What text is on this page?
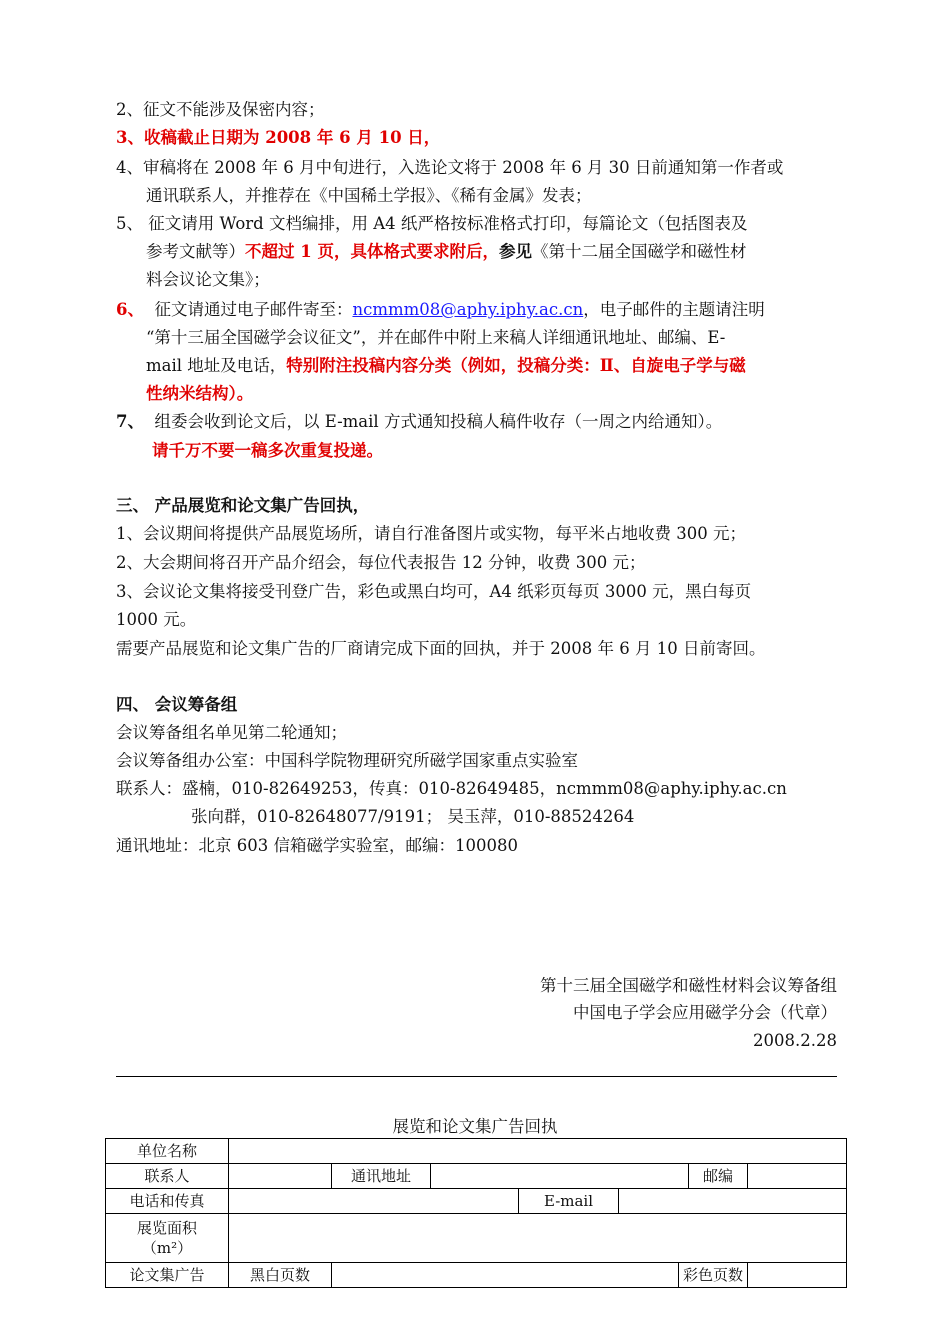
2、征文不能涉及保密内容；
3、收稿截止日期为 2008 年 6 月 10 日，
4、审稿将在 2008 年 6 月中旬进行，入选论文将于 2008 年 6 月 30 日前通知第一作者或
通讯联系人，并推荐在《中国稀土学报》、《稀有金属》发表；
5、 征文请用 Word 文档编排，用 A4 纸严格按标准格式打印，每篇论文（包括图表及
参考文献等）不超过 1 页，具体格式要求附后，参见《第十二届全国磁学和磁性材
料会议论文集》；
6、 征文请通过电子邮件寄至：ncmmm08@aphy.iphy.ac.cn，电子邮件的主题请注明
“第十三届全国磁学会议征文”，并在邮件中附上来稿人详细通讯地址、邮编、E-
mail 地址及电话，特别附注投稿内容分类（例如，投稿分类：Ⅱ、自旋电子学与磁
性纳米结构）。
7、 组委会收到论文后，以 E-mail 方式通知投稿人稿件收存（一周之内给通知）。
请千万不要一稿多次重复投递。
三、 产品展览和论文集广告回执，
1、会议期间将提供产品展览场所，请自行准备图片或实物，每平米占地收费 300 元；
2、大会期间将召开产品介绍会，每位代表报告 12 分钟，收费 300 元；
3、会议论文集将接受刊登广告，彩色或黑白均可，A4 纸彩页每页 3000 元，黑白每页
1000 元。
需要产品展览和论文集广告的厂商请完成下面的回执，并于 2008 年 6 月 10 日前寄回。
四、 会议筹备组
会议筹备组名单见第二轮通知；
会议筹备组办公室：中国科学院物理研究所磁学国家重点实验室
联系人：盛楠，010-82649253，传真：010-82649485，ncmmm08@aphy.iphy.ac.cn
张向群，010-82648077/9191； 吴玉萍，010-88524264
通讯地址：北京 603 信箱磁学实验室，邮编：100080
第十三届全国磁学和磁性材料会议筹备组
中国电子学会应用磁学分会（代章）
2008.2.28
展览和论文集广告回执
单位名称								
联系人		通讯地址					邮编	
电话和传真				E-mail				
展览面积
（m²）								
论文集广告	黑白页数					彩色页数		
